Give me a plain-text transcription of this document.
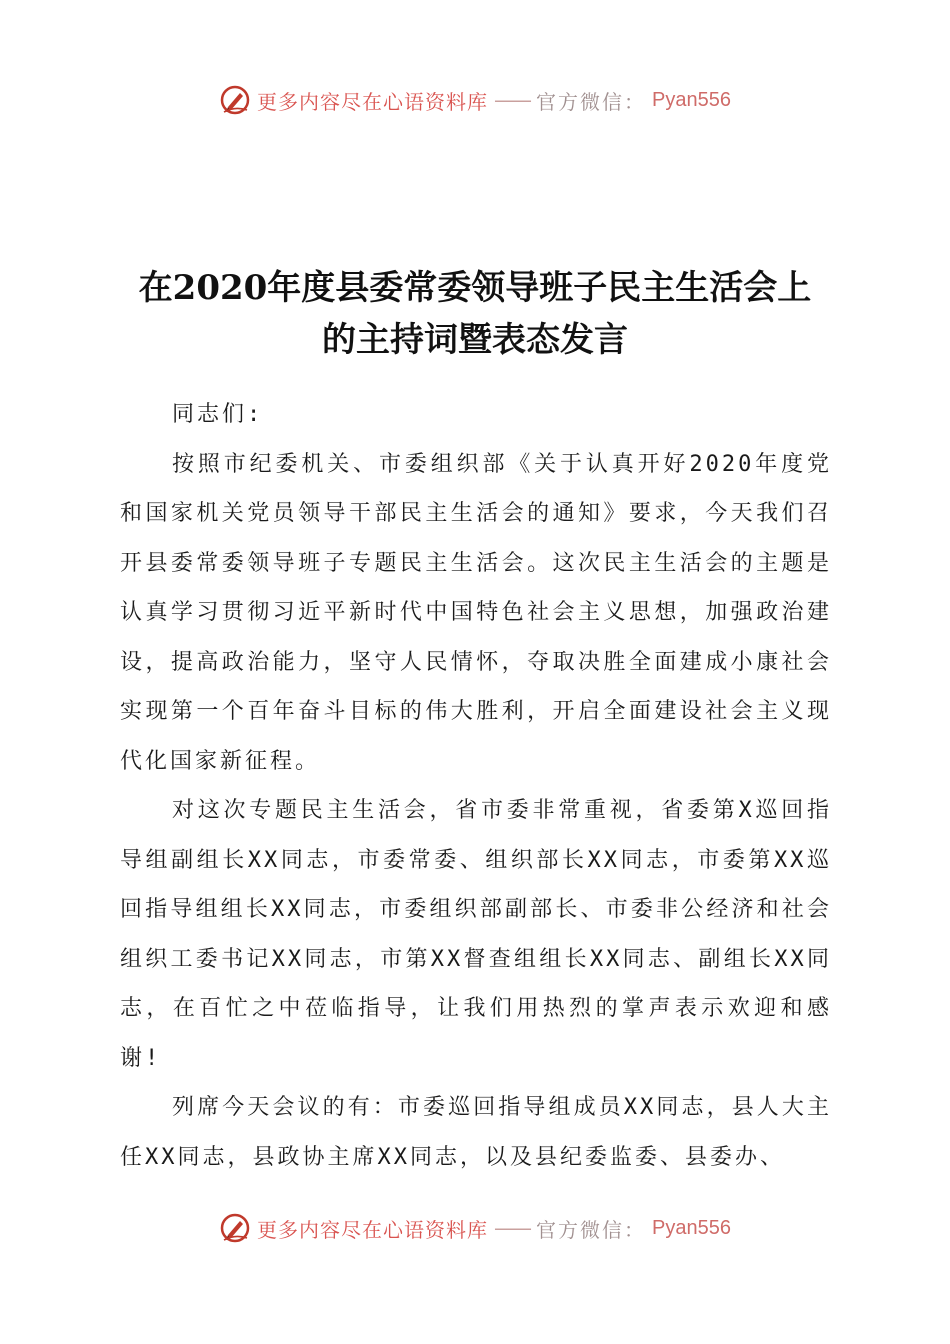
更多内容尽在心语资料库 —— 官方微信： Pyan556
在2020年度县委常委领导班子民主生活会上
的主持词暨表态发言

同志们:

按照市纪委机关、市委组织部《关于认真开好2020年度党和国家机关党员领导干部民主生活会的通知》要求，今天我们召开县委常委领导班子专题民主生活会。这次民主生活会的主题是认真学习贯彻习近平新时代中国特色社会主义思想，加强政治建设，提高政治能力，坚守人民情怀，夺取决胜全面建成小康社会实现第一个百年奋斗目标的伟大胜利，开启全面建设社会主义现代化国家新征程。

对这次专题民主生活会，省市委非常重视，省委第X巡回指导组副组长XX同志，市委常委、组织部长XX同志，市委第XX巡回指导组组长XX同志，市委组织部副部长、市委非公经济和社会组织工委书记XX同志，市第XX督查组组长XX同志、副组长XX同志，在百忙之中莅临指导，让我们用热烈的掌声表示欢迎和感谢!

列席今天会议的有：市委巡回指导组成员XX同志，县人大主任XX同志，县政协主席XX同志，以及县纪委监委、县委办、

更多内容尽在心语资料库 —— 官方微信： Pyan556
